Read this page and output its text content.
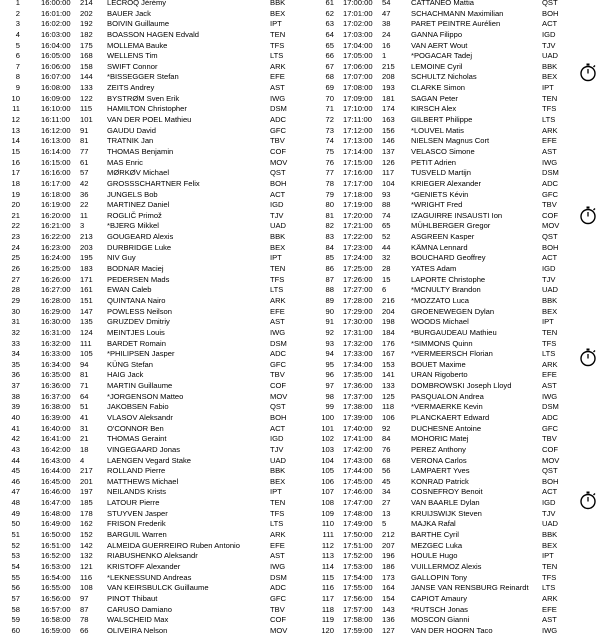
1	16:00:00 214 LECROQ Jérémy	BBK
2	16:01:00 202 BAUER Jack	BEX
3	16:02:00 192 BOIVIN Guillaume	IPT
4	16:03:00 182 BOASSON HAGEN Edvald	TEN
5	16:04:00 175 MOLLEMA Bauke	TFS
6	16:05:00 168 WELLENS Tim	LTS
7	16:06:00 158 SWIFT Connor	ARK
8	16:07:00 144 *BISSEGGER Stefan	EFE
9	16:08:00 133 ZEITS Andrey	AST
10	16:09:00 122 BYSTRØM Sven Erik	IWG
11	16:10:00 115 HAMILTON Christopher	DSM
12	16:11:00 101 VAN DER POEL Mathieu	ADC
13	16:12:00 91 GAUDU David	GFC
14	16:13:00 81 TRATNIK Jan	TBV
15	16:14:00 77 THOMAS Benjamin	COF
16	16:15:00 61 MAS Enric	MOV
17	16:16:00 57 MØRKØV Michael	QST
18	16:17:00 42 GROSSSCHARTNER Felix	BOH
19	16:18:00 36 JUNGELS Bob	ACT
20	16:19:00 22 MARTINEZ Daniel	IGD
21	16:20:00 11	ROGLIČ Primož	TJV
22	16:21:00 3	*BJERG Mikkel	UAD
23	16:22:00 213 GOUGEARD Alexis	BBK
24	16:23:00 203 DURBRIDGE Luke	BEX
25	16:24:00 195 NIV Guy	IPT
26	16:25:00 183 BODNAR Maciej	TEN
27	16:26:00 171 PEDERSEN Mads	TFS
28	16:27:00 161 EWAN Caleb	LTS
29	16:28:00 151 QUINTANA Nairo	ARK
30	16:29:00 147 POWLESS Neilson	EFE
31	16:30:00 135 GRUZDEV Dmitriy	AST
32	16:31:00 124 MEINTJES Louis	IWG
33	16:32:00 111 BARDET Romain	DSM
34	16:33:00 105 *PHILIPSEN Jasper	ADC
35	16:34:00 94 KÜNG Stefan	GFC
36	16:35:00 81 HAIG Jack	TBV
37	16:36:00 71 MARTIN Guillaume	COF
38	16:37:00 64 *JORGENSON Matteo	MOV
39	16:38:00 51 JAKOBSEN Fabio	QST
40	16:39:00 41 VLASOV Aleksandr	BOH
41	16:40:00 31 O'CONNOR Ben	ACT
42	16:41:00 21 THOMAS Geraint	IGD
43	16:42:00 18 VINGEGAARD Jonas	TJV
44	16:43:00 4	LAENGEN Vegard Stake	UAD
45	16:44:00 217 ROLLAND Pierre	BBK
46	16:45:00 201 MATTHEWS Michael	BEX
47	16:46:00 197 NEILANDS Krists	IPT
48	16:47:00 185 LATOUR Pierre	TEN
49	16:48:00 178 STUYVEN Jasper	TFS
50	16:49:00 162 FRISON Frederik	LTS
51	16:50:00 152 BARGUIL Warren	ARK
52	16:51:00 142 ALMEIDA GUERREIRO Ruben Antonio	EFE
53	16:52:00 132 RIABUSHENKO Aleksandr	AST
54	16:53:00 121 KRISTOFF Alexander	IWG
55	16:54:00 116 *LEKNESSUND Andreas	DSM
56	16:55:00 108 VAN KEIRSBULCK Guillaume	ADC
57	16:56:00 97 PINOT Thibaut	GFC
58	16:57:00 87 CARUSO Damiano	TBV
59	16:58:00 78 WALSCHEID Max	COF
60	16:59:00 66 OLIVEIRA Nelson	MOV
61 17:00:00 54	CATTANEO Mattia	QST
62 17:01:00 47	SCHACHMANN Maximilian	BOH
63 17:02:00 38	PARET PEINTRE Aurélien	ACT
64 17:03:00 24	GANNA Filippo	IGD
65 17:04:00 16	VAN AERT Wout	TJV
66 17:05:00 1	*POGACAR Tadej	UAD
67 17:06:00 215 LEMOINE Cyril	BBK
68 17:07:00 208 SCHULTZ Nicholas	BEX
69 17:08:00 193 CLARKE Simon	IPT
70 17:09:00 181 SAGAN Peter	TEN
71 17:10:00 174 KIRSCH Alex	TFS
72 17:11:00 163 GILBERT Philippe	LTS
73 17:12:00 156 *LOUVEL Matis	ARK
74 17:13:00 146 NIELSEN Magnus Cort	EFE
75 17:14:00 137 VELASCO Simone	AST
76 17:15:00 126 PETIT Adrien	IWG
77 17:16:00 117 TUSVELD Martijn	DSM
78 17:17:00 104 KRIEGER Alexander	ADC
79 17:18:00 93	*GENIETS Kévin	GFC
80 17:19:00 88	*WRIGHT Fred	TBV
81 17:20:00 74	IZAGUIRRE INSAUSTI Ion	COF
82 17:21:00 65	MÜHLBERGER Gregor	MOV
83 17:22:00 52	ASGREEN Kasper	QST
84 17:23:00 44	KÄMNA Lennard	BOH
85 17:24:00 32	BOUCHARD Geoffrey	ACT
86 17:25:00 28	YATES Adam	IGD
87 17:26:00 15	LAPORTE Christophe	TJV
88 17:27:00 6	*MCNULTY Brandon	UAD
89 17:28:00 216 *MOZZATO Luca	BBK
90 17:29:00 204 GROENEWEGEN Dylan	BEX
91 17:30:00 198 WOODS Michael	IPT
92 17:31:00 184 *BURGAUDEAU Mathieu	TEN
93 17:32:00 176 *SIMMONS Quinn	TFS
94 17:33:00 167 *VERMEERSCH Florian	LTS
95 17:34:00 153 BOUET Maxime	ARK
96 17:35:00 141 URAN Rigoberto	EFE
97 17:36:00 133 DOMBROWSKI Joseph Lloyd	AST
98 17:37:00 125 PASQUALON Andrea	IWG
99 17:38:00 118 *VERMAERKE Kevin	DSM
100 17:39:00 106 PLANCKAERT Edward	ADC
101 17:40:00 92	DUCHESNE Antoine	GFC
102 17:41:00 84	MOHORIC Matej	TBV
103 17:42:00 76	PEREZ Anthony	COF
104 17:43:00 68	VERONA Carlos	MOV
105 17:44:00 56	LAMPAERT Yves	QST
106 17:45:00 45	KONRAD Patrick	BOH
107 17:46:00 34	COSNEFROY Benoit	ACT
108 17:47:00 27	VAN BAARLE Dylan	IGD
109 17:48:00 13	KRUIJSWIJK Steven	TJV
110 17:49:00 5	MAJKA Rafal	UAD
111 17:50:00 212 BARTHE Cyril	BBK
112 17:51:00 207 MEZGEC Luka	BEX
113 17:52:00 196 HOULE Hugo	IPT
114 17:53:00 186 VUILLERMOZ Alexis	TEN
115 17:54:00 173 GALLOPIN Tony	TFS
116 17:55:00 164 JANSE VAN RENSBURG Reinardt LTS
117 17:56:00 154 CAPIOT Amaury	ARK
118 17:57:00 143 *RUTSCH Jonas	EFE
119 17:58:00 136 MOSCON Gianni	AST
120 17:59:00 127 VAN DER HOORN Taco	IWG
